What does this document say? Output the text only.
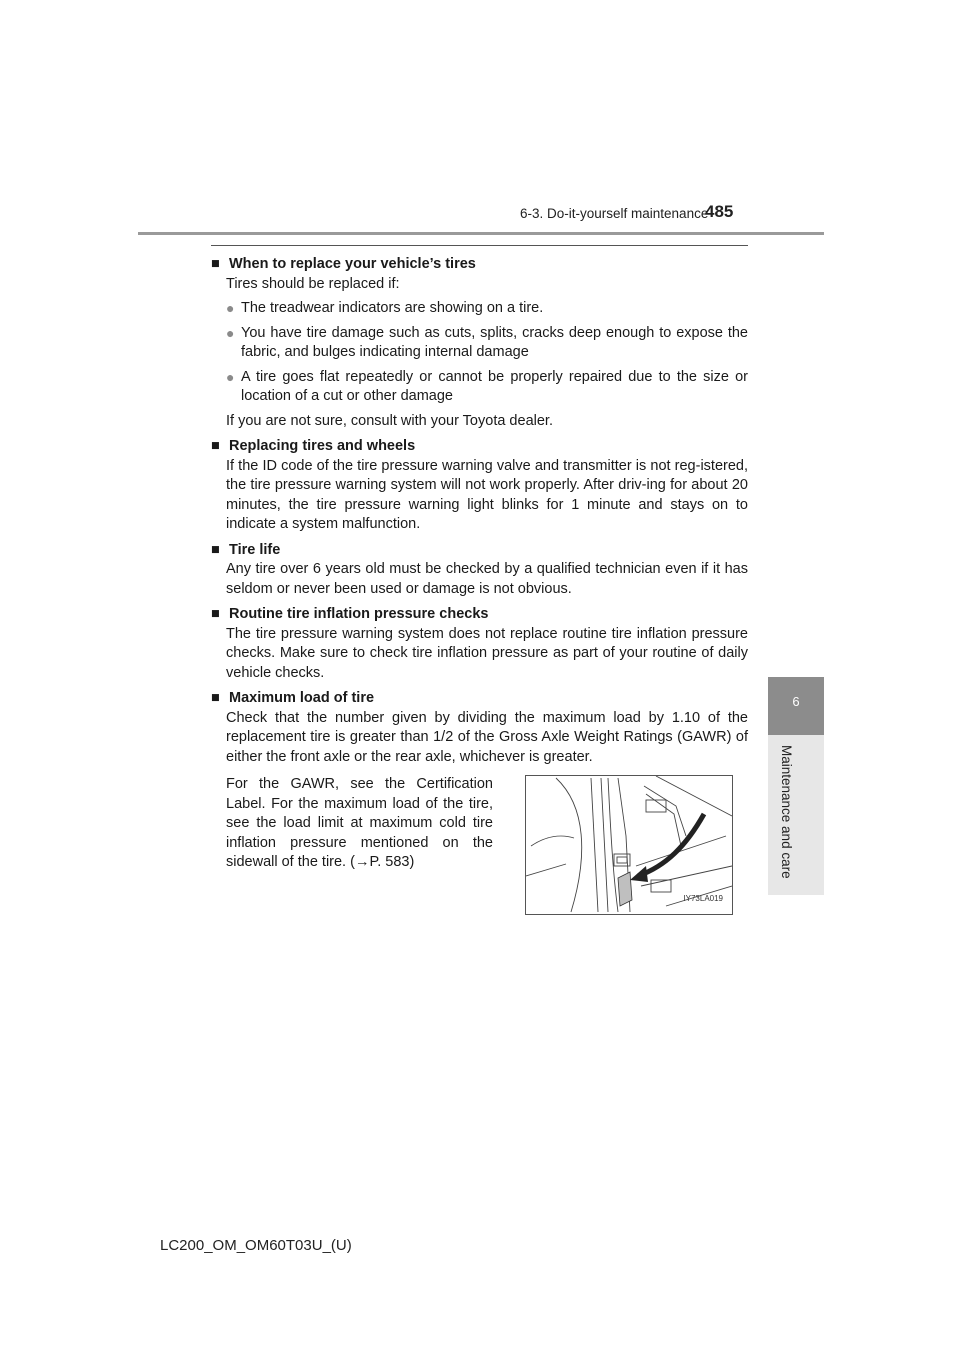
6-3. Do-it-yourself maintenance
485
6
Maintenance and care
■ When to replace your vehicle’s tires
Tires should be replaced if:
● The treadwear indicators are showing on a tire.
● You have tire damage such as cuts, splits, cracks deep enough to expose the fabric, and bulges indicating internal damage
● A tire goes flat repeatedly or cannot be properly repaired due to the size or location of a cut or other damage
If you are not sure, consult with your Toyota dealer.
■ Replacing tires and wheels
If the ID code of the tire pressure warning valve and transmitter is not reg-istered, the tire pressure warning system will not work properly. After driv-ing for about 20 minutes, the tire pressure warning light blinks for 1 minute and stays on to indicate a system malfunction.
■ Tire life
Any tire over 6 years old must be checked by a qualified technician even if it has seldom or never been used or damage is not obvious.
■ Routine tire inflation pressure checks
The tire pressure warning system does not replace routine tire inflation pressure checks. Make sure to check tire inflation pressure as part of your routine of daily vehicle checks.
■ Maximum load of tire
Check that the number given by dividing the maximum load by 1.10 of the replacement tire is greater than 1/2 of the Gross Axle Weight Ratings (GAWR) of either the front axle or the rear axle, whichever is greater.
For the GAWR, see the Certification Label. For the maximum load of the tire, see the load limit at maximum cold tire inflation pressure mentioned on the sidewall of the tire. (→P. 583)
IY73LA019
LC200_OM_OM60T03U_(U)
